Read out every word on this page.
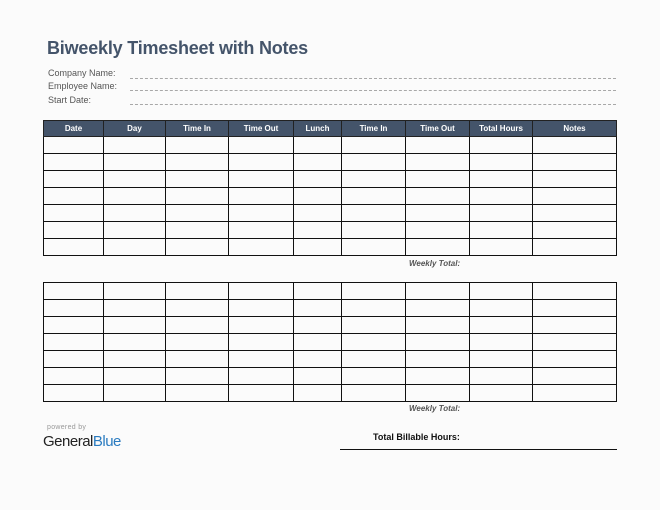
Biweekly Timesheet with Notes
Company Name:
Employee Name:
Start Date:
Date	Day	Time In	Time Out	Lunch	Time In	Time Out	Total Hours	Notes

Weekly Total:

Weekly Total:
powered by
GeneralBlue	Total Billable Hours:
